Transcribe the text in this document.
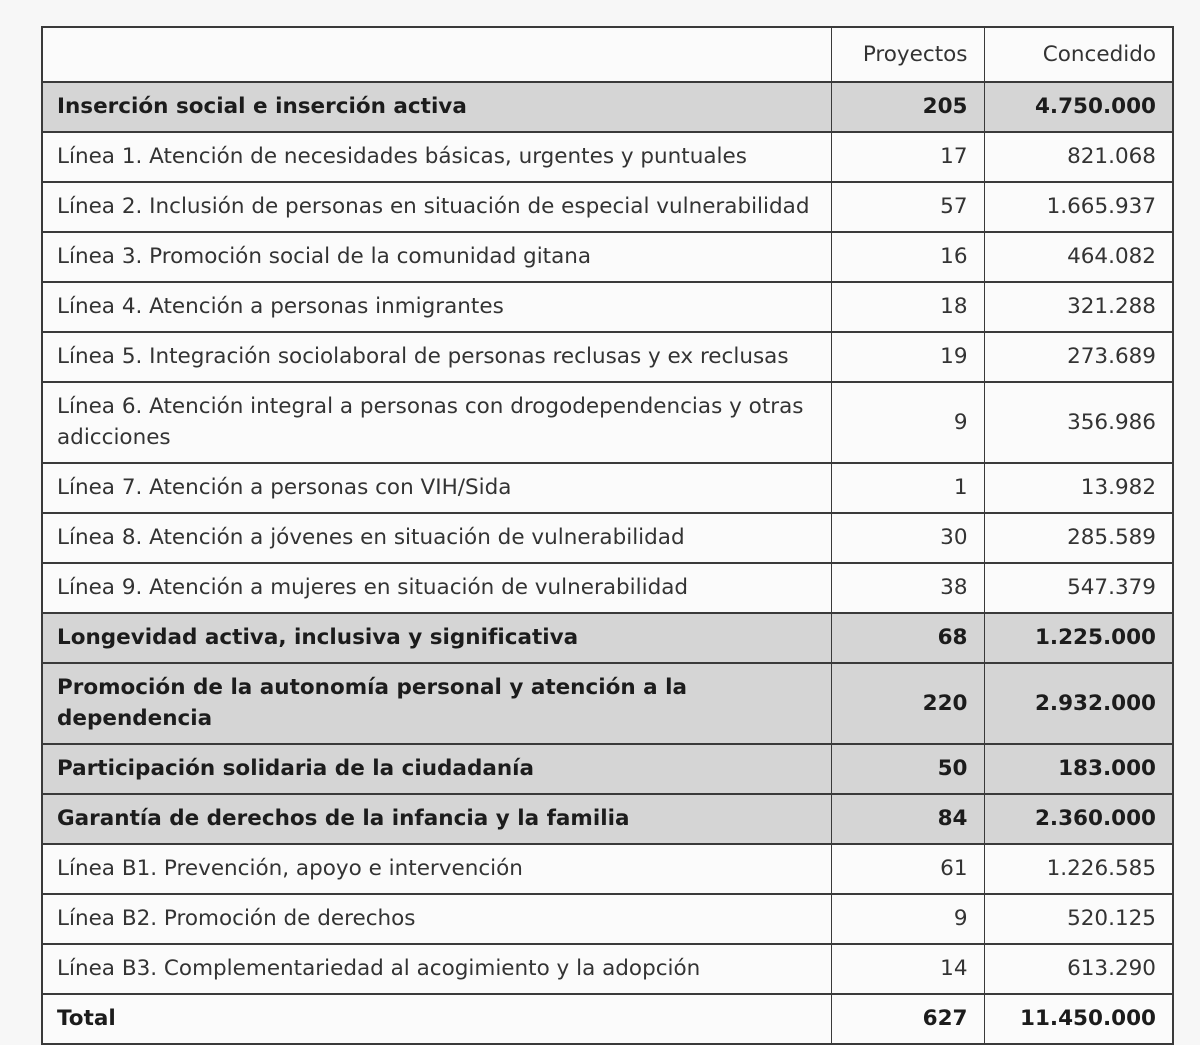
	Proyectos	Concedido
Inserción social e inserción activa	205	4.750.000
Línea 1. Atención de necesidades básicas, urgentes y puntuales	17	821.068
Línea 2. Inclusión de personas en situación de especial vulnerabilidad	57	1.665.937
Línea 3. Promoción social de la comunidad gitana	16	464.082
Línea 4. Atención a personas inmigrantes	18	321.288
Línea 5. Integración sociolaboral de personas reclusas y ex reclusas	19	273.689
Línea 6. Atención integral a personas con drogodependencias y otras adicciones	9	356.986
Línea 7. Atención a personas con VIH/Sida	1	13.982
Línea 8. Atención a jóvenes en situación de vulnerabilidad	30	285.589
Línea 9. Atención a mujeres en situación de vulnerabilidad	38	547.379
Longevidad activa, inclusiva y significativa	68	1.225.000
Promoción de la autonomía personal y atención a la dependencia	220	2.932.000
Participación solidaria de la ciudadanía	50	183.000
Garantía de derechos de la infancia y la familia	84	2.360.000
Línea B1. Prevención, apoyo e intervención	61	1.226.585
Línea B2. Promoción de derechos	9	520.125
Línea B3. Complementariedad al acogimiento y la adopción	14	613.290
Total	627	11.450.000
